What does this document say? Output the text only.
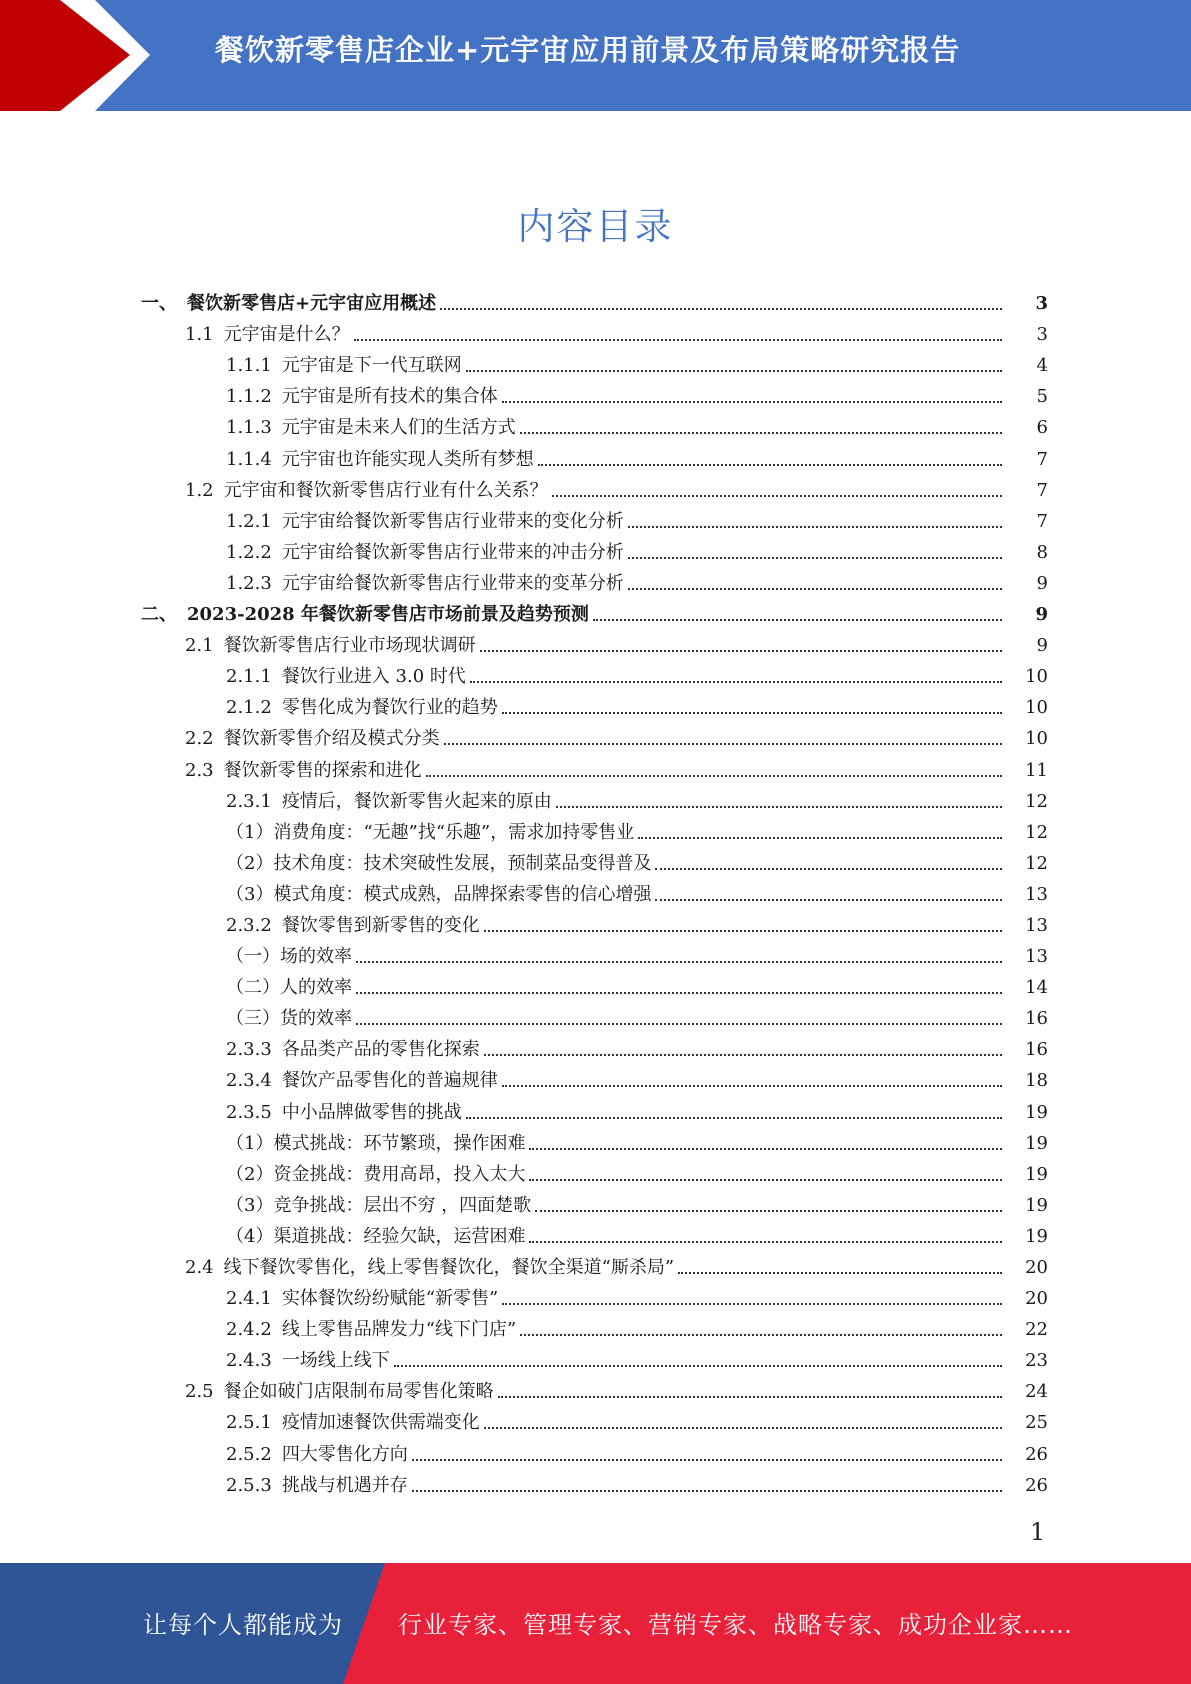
餐饮新零售店企业+元宇宙应用前景及布局策略研究报告
内容目录
一、 餐饮新零售店+元宇宙应用概述	3
1.1 元宇宙是什么？	3
1.1.1 元宇宙是下一代互联网	4
1.1.2 元宇宙是所有技术的集合体	5
1.1.3 元宇宙是未来人们的生活方式	6
1.1.4 元宇宙也许能实现人类所有梦想	7
1.2 元宇宙和餐饮新零售店行业有什么关系？	7
1.2.1 元宇宙给餐饮新零售店行业带来的变化分析	7
1.2.2 元宇宙给餐饮新零售店行业带来的冲击分析	8
1.2.3 元宇宙给餐饮新零售店行业带来的变革分析	9
二、 2023-2028 年餐饮新零售店市场前景及趋势预测	9
2.1 餐饮新零售店行业市场现状调研	9
2.1.1 餐饮行业进入 3.0 时代	10
2.1.2 零售化成为餐饮行业的趋势	10
2.2 餐饮新零售介绍及模式分类	10
2.3 餐饮新零售的探索和进化	11
2.3.1 疫情后，餐饮新零售火起来的原由	12
（1）消费角度：“无趣”找“乐趣”，需求加持零售业	12
（2）技术角度：技术突破性发展，预制菜品变得普及	12
（3）模式角度：模式成熟，品牌探索零售的信心增强	13
2.3.2 餐饮零售到新零售的变化	13
（一）场的效率	13
（二）人的效率	14
（三）货的效率	16
2.3.3 各品类产品的零售化探索	16
2.3.4 餐饮产品零售化的普遍规律	18
2.3.5 中小品牌做零售的挑战	19
（1）模式挑战：环节繁琐，操作困难	19
（2）资金挑战：费用高昂，投入太大	19
（3）竞争挑战：层出不穷 ，四面楚歌	19
（4）渠道挑战：经验欠缺，运营困难	19
2.4 线下餐饮零售化，线上零售餐饮化，餐饮全渠道“厮杀局”	20
2.4.1 实体餐饮纷纷赋能“新零售”	20
2.4.2 线上零售品牌发力“线下门店”	22
2.4.3 一场线上线下	23
2.5 餐企如破门店限制布局零售化策略	24
2.5.1 疫情加速餐饮供需端变化	25
2.5.2 四大零售化方向	26
2.5.3 挑战与机遇并存	26
1
让每个人都能成为 行业专家、管理专家、营销专家、战略专家、成功企业家……
